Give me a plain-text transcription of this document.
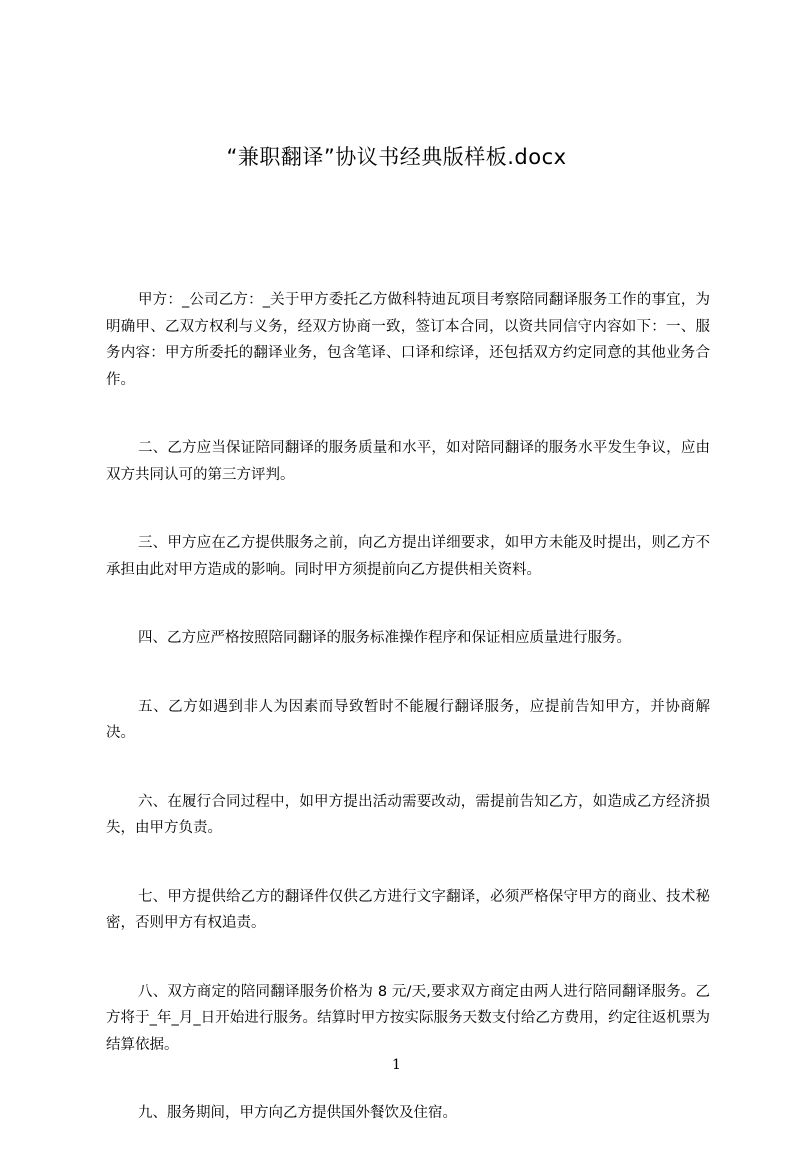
“兼职翻译”协议书经典版样板.docx

甲方：_公司乙方：_关于甲方委托乙方做科特迪瓦项目考察陪同翻译服务工作的事宜，为明确甲、乙双方权利与义务，经双方协商一致，签订本合同，以资共同信守内容如下：一、服务内容：甲方所委托的翻译业务，包含笔译、口译和综译，还包括双方约定同意的其他业务合作。

二、乙方应当保证陪同翻译的服务质量和水平，如对陪同翻译的服务水平发生争议，应由双方共同认可的第三方评判。

三、甲方应在乙方提供服务之前，向乙方提出详细要求，如甲方未能及时提出，则乙方不承担由此对甲方造成的影响。同时甲方须提前向乙方提供相关资料。

四、乙方应严格按照陪同翻译的服务标准操作程序和保证相应质量进行服务。

五、乙方如遇到非人为因素而导致暂时不能履行翻译服务，应提前告知甲方，并协商解决。

六、在履行合同过程中，如甲方提出活动需要改动，需提前告知乙方，如造成乙方经济损失，由甲方负责。

七、甲方提供给乙方的翻译件仅供乙方进行文字翻译，必须严格保守甲方的商业、技术秘密，否则甲方有权追责。

八、双方商定的陪同翻译服务价格为 8 元/天,要求双方商定由两人进行陪同翻译服务。乙方将于_年_月_日开始进行服务。结算时甲方按实际服务天数支付给乙方费用，约定往返机票为结算依据。

九、服务期间，甲方向乙方提供国外餐饮及住宿。

1
